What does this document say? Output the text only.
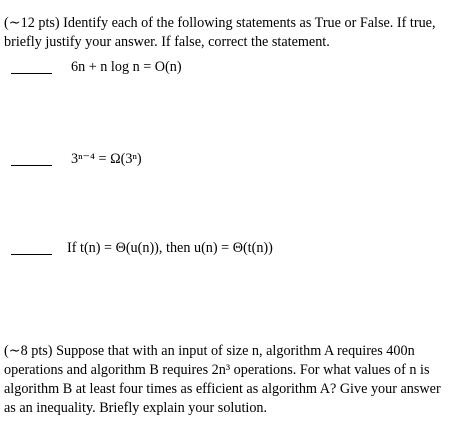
(∼12 pts) Identify each of the following statements as True or False. If true,
briefly justify your answer. If false, correct the statement.
6n + n log n = O(n)
3ⁿ⁻⁴ = Ω(3ⁿ)
If t(n) = Θ(u(n)), then u(n) = Θ(t(n))
(∼8 pts) Suppose that with an input of size n, algorithm A requires 400n
operations and algorithm B requires 2n³ operations. For what values of n is
algorithm B at least four times as efficient as algorithm A? Give your answer
as an inequality. Briefly explain your solution.
